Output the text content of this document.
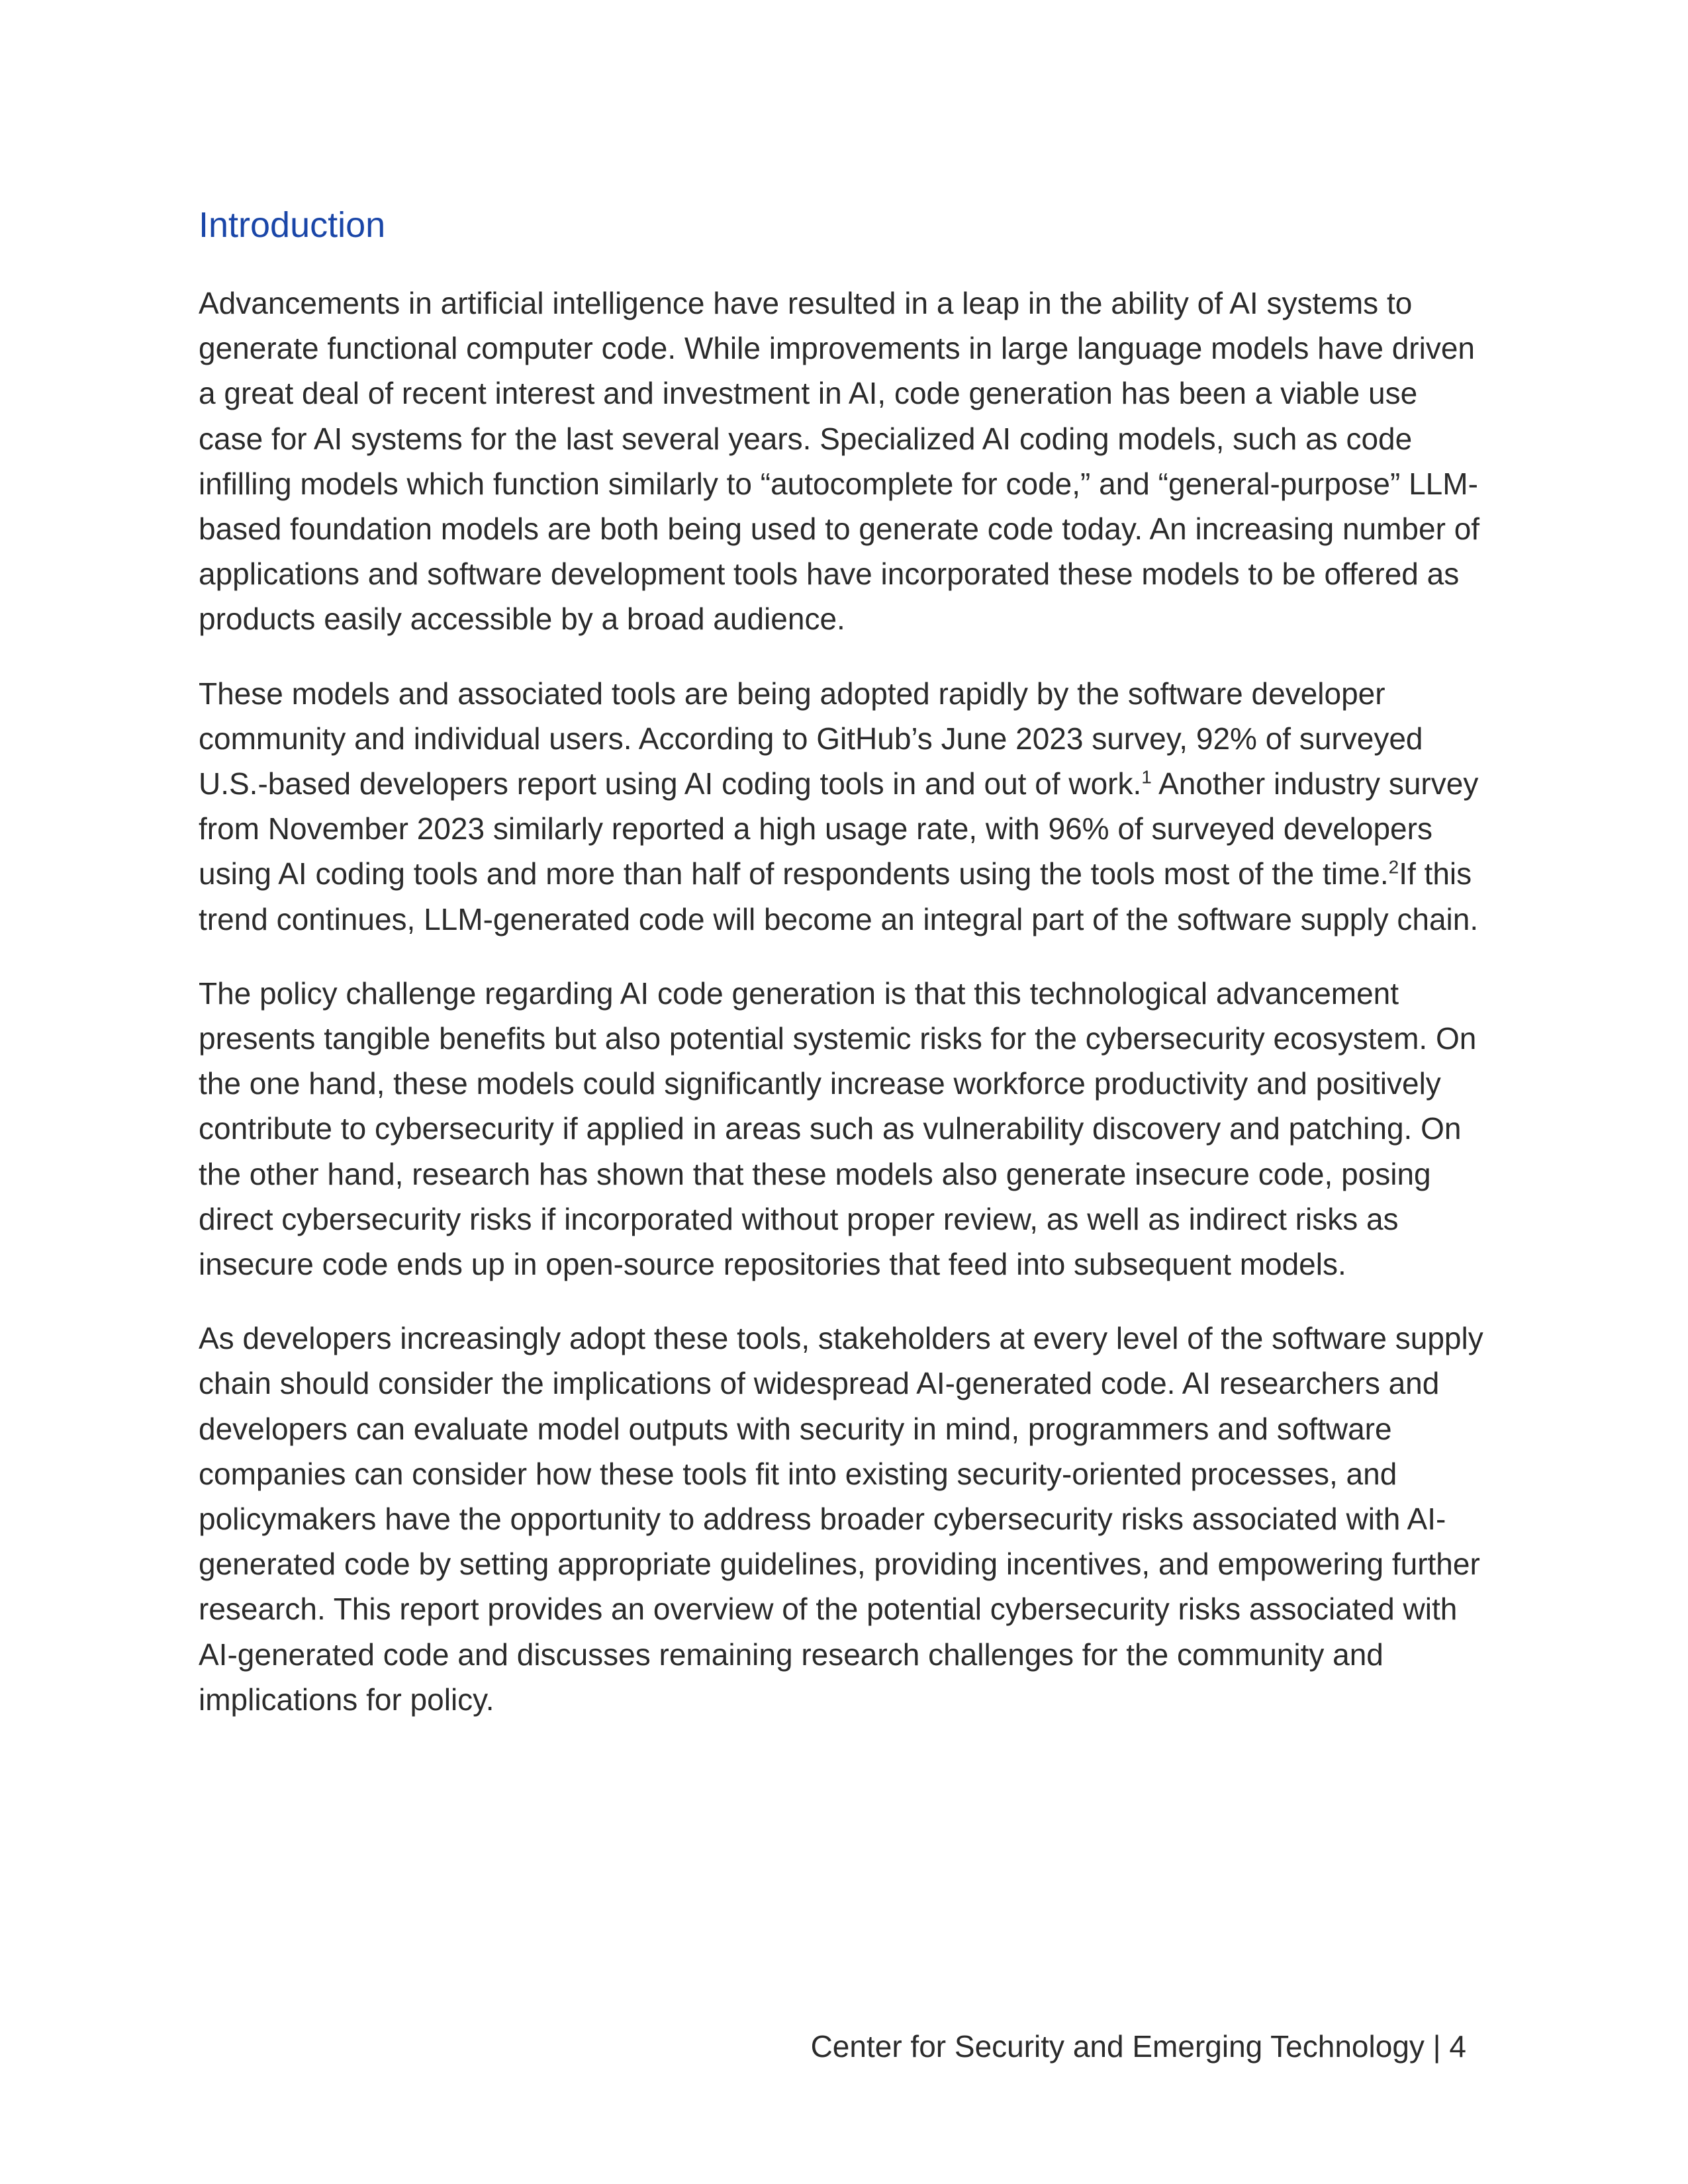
Introduction

Advancements in artificial intelligence have resulted in a leap in the ability of AI systems to generate functional computer code. While improvements in large language models have driven a great deal of recent interest and investment in AI, code generation has been a viable use case for AI systems for the last several years. Specialized AI coding models, such as code infilling models which function similarly to “autocomplete for code,” and “general-purpose” LLM-based foundation models are both being used to generate code today. An increasing number of applications and software development tools have incorporated these models to be offered as products easily accessible by a broad audience.

These models and associated tools are being adopted rapidly by the software developer community and individual users. According to GitHub’s June 2023 survey, 92% of surveyed U.S.-based developers report using AI coding tools in and out of work.$^1$ Another industry survey from November 2023 similarly reported a high usage rate, with 96% of surveyed developers using AI coding tools and more than half of respondents using the tools most of the time.$^2$If this trend continues, LLM-generated code will become an integral part of the software supply chain.

The policy challenge regarding AI code generation is that this technological advancement presents tangible benefits but also potential systemic risks for the cybersecurity ecosystem. On the one hand, these models could significantly increase workforce productivity and positively contribute to cybersecurity if applied in areas such as vulnerability discovery and patching. On the other hand, research has shown that these models also generate insecure code, posing direct cybersecurity risks if incorporated without proper review, as well as indirect risks as insecure code ends up in open-source repositories that feed into subsequent models.

As developers increasingly adopt these tools, stakeholders at every level of the software supply chain should consider the implications of widespread AI-generated code. AI researchers and developers can evaluate model outputs with security in mind, programmers and software companies can consider how these tools fit into existing security-oriented processes, and policymakers have the opportunity to address broader cybersecurity risks associated with AI-generated code by setting appropriate guidelines, providing incentives, and empowering further research. This report provides an overview of the potential cybersecurity risks associated with AI-generated code and discusses remaining research challenges for the community and implications for policy.

Center for Security and Emerging Technology | 4
